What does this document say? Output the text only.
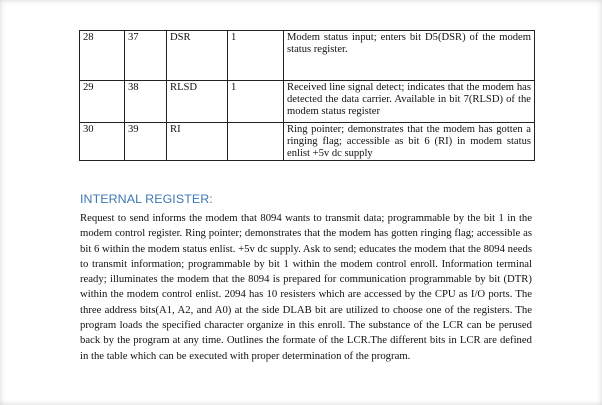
28	37	DSR	1	Modem status input; enters bit D5(DSR) of the modem status register.
29	38	RLSD	1	Received line signal detect; indicates that the modem has detected the data carrier. Available in bit 7(RLSD) of the modem status register
30	39	RI		Ring pointer; demonstrates that the modem has gotten a ringing flag; accessible as bit 6 (RI) in modem status enlist +5v dc supply
INTERNAL REGISTER:

Request to send informs the modem that 8094 wants to transmit data; programmable by the bit 1 in the modem control register. Ring pointer; demonstrates that the modem has gotten ringing flag; accessible as bit 6 within the modem status enlist. +5v dc supply. Ask to send; educates the modem that the 8094 needs to transmit information; programmable by bit 1 within the modem control enroll. Information terminal ready; illuminates the modem that the 8094 is prepared for communication programmable by bit (DTR) within the modem control enlist. 2094 has 10 resisters which are accessed by the CPU as I/O ports. The three address bits(A1, A2, and A0) at the side DLAB bit are utilized to choose one of the registers. The program loads the specified character organize in this enroll. The substance of the LCR can be perused back by the program at any time. Outlines the formate of the LCR.The different bits in LCR are defined in the table which can be executed with proper determination of the program.
